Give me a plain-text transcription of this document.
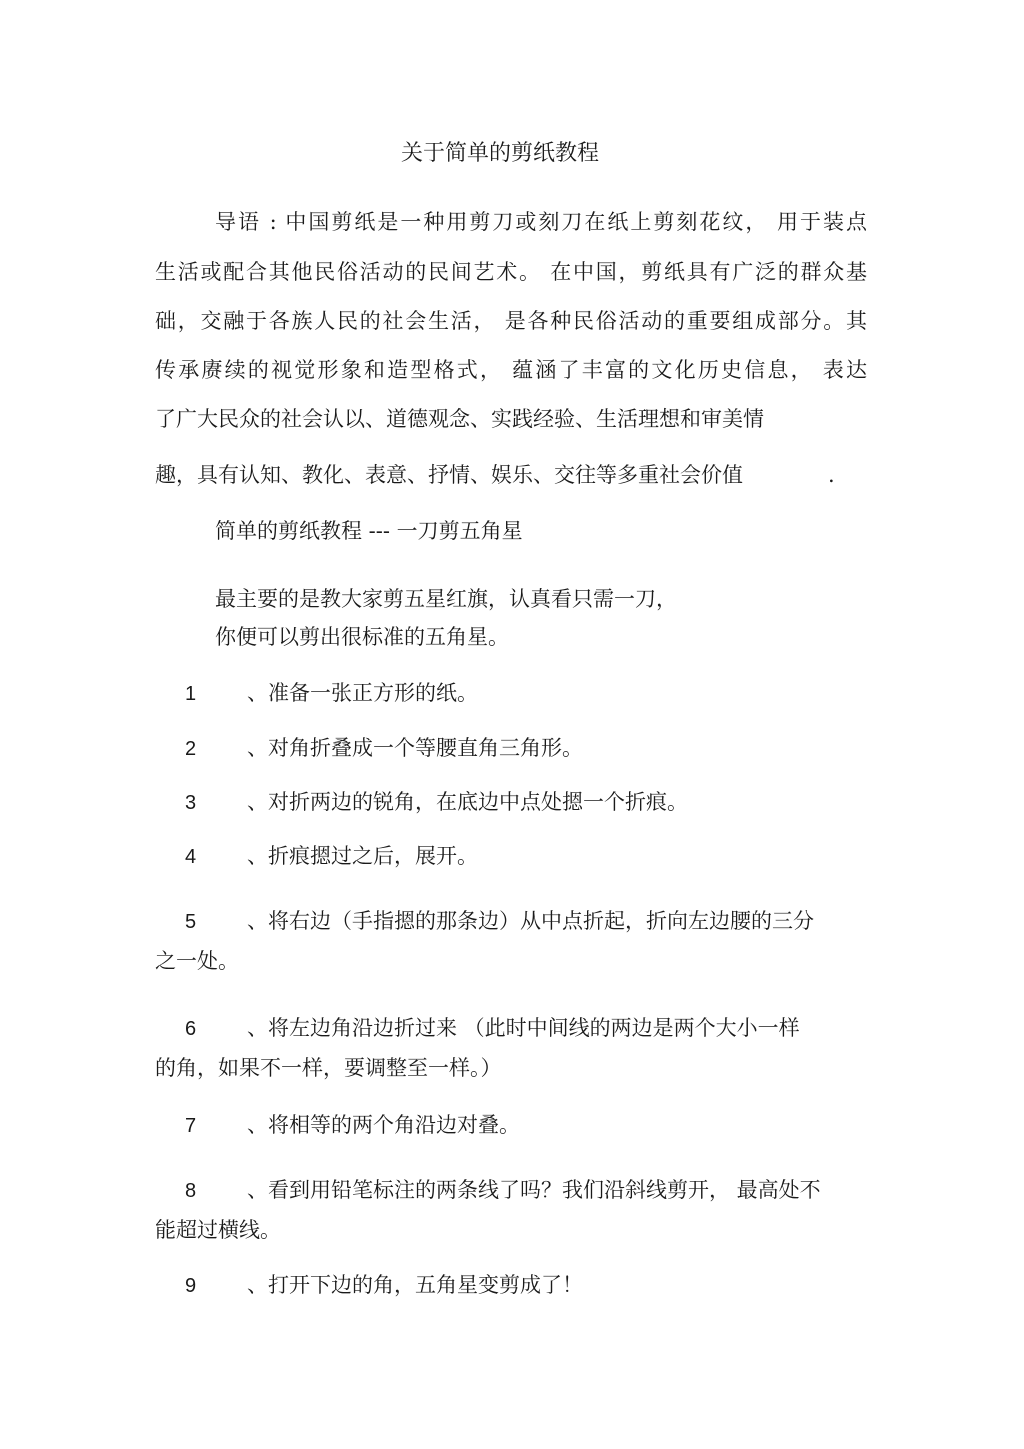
关于简单的剪纸教程

导语 : 中国剪纸是一种用剪刀或刻刀在纸上剪刻花纹， 用于装点

生活或配合其他民俗活动的民间艺术。 在中国，剪纸具有广泛的群众基

础，交融于各族人民的社会生活， 是各种民俗活动的重要组成部分。其

传承赓续的视觉形象和造型格式， 蕴涵了丰富的文化历史信息， 表达

了广大民众的社会认以、道德观念、实践经验、生活理想和审美情

趣，具有认知、教化、表意、抒情、娱乐、交往等多重社会价值	.

简单的剪纸教程 --- 一刀剪五角星

最主要的是教大家剪五星红旗，认真看只需一刀，

你便可以剪出很标准的五角星。

1 、准备一张正方形的纸。

2 、对角折叠成一个等腰直角三角形。

3 、对折两边的锐角，在底边中点处摁一个折痕。

4 、折痕摁过之后，展开。

5 、将右边（手指摁的那条边）从中点折起，折向左边腰的三分

之一处。

6 、将左边角沿边折过来 （此时中间线的两边是两个大小一样

的角，如果不一样，要调整至一样。）

7 、将相等的两个角沿边对叠。

8 、看到用铅笔标注的两条线了吗？我们沿斜线剪开， 最高处不

能超过横线。

9 、打开下边的角，五角星变剪成了！
